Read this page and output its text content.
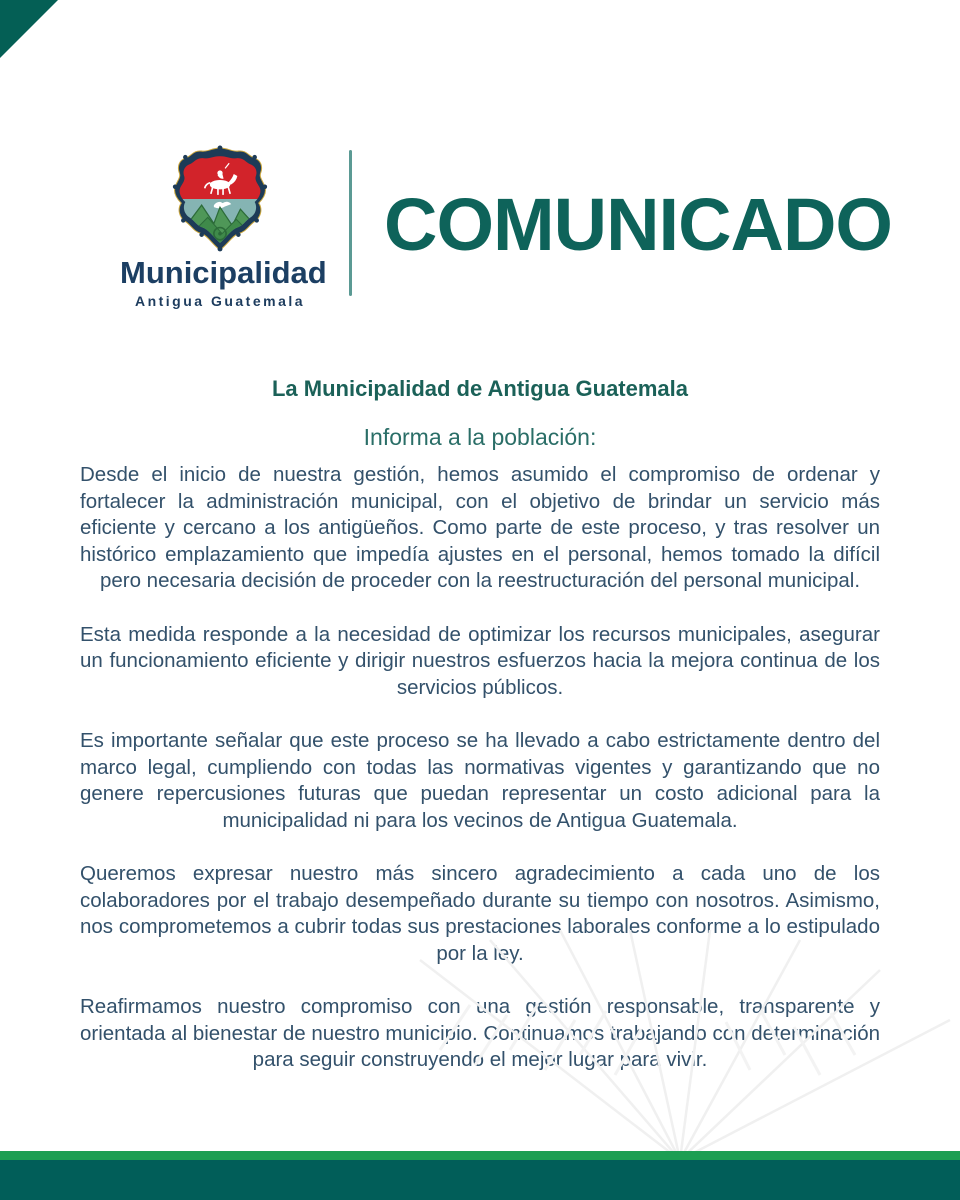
Municipalidad
Antigua Guatemala
COMUNICADO
La Municipalidad de Antigua Guatemala
Informa a la población:

Desde el inicio de nuestra gestión, hemos asumido el compromiso de ordenar y fortalecer la administración municipal, con el objetivo de brindar un servicio más eficiente y cercano a los antigüeños. Como parte de este proceso, y tras resolver un histórico emplazamiento que impedía ajustes en el personal, hemos tomado la difícil pero necesaria decisión de proceder con la reestructuración del personal municipal.

Esta medida responde a la necesidad de optimizar los recursos municipales, asegurar un funcionamiento eficiente y dirigir nuestros esfuerzos hacia la mejora continua de los servicios públicos.

Es importante señalar que este proceso se ha llevado a cabo estrictamente dentro del marco legal, cumpliendo con todas las normativas vigentes y garantizando que no genere repercusiones futuras que puedan representar un costo adicional para la municipalidad ni para los vecinos de Antigua Guatemala.

Queremos expresar nuestro más sincero agradecimiento a cada uno de los colaboradores por el trabajo desempeñado durante su tiempo con nosotros. Asimismo, nos comprometemos a cubrir todas sus prestaciones laborales conforme a lo estipulado por la ley.

Reafirmamos nuestro compromiso con una gestión responsable, transparente y orientada al bienestar de nuestro municipio. Continuamos trabajando con determinación para seguir construyendo el mejor lugar para vivir.
